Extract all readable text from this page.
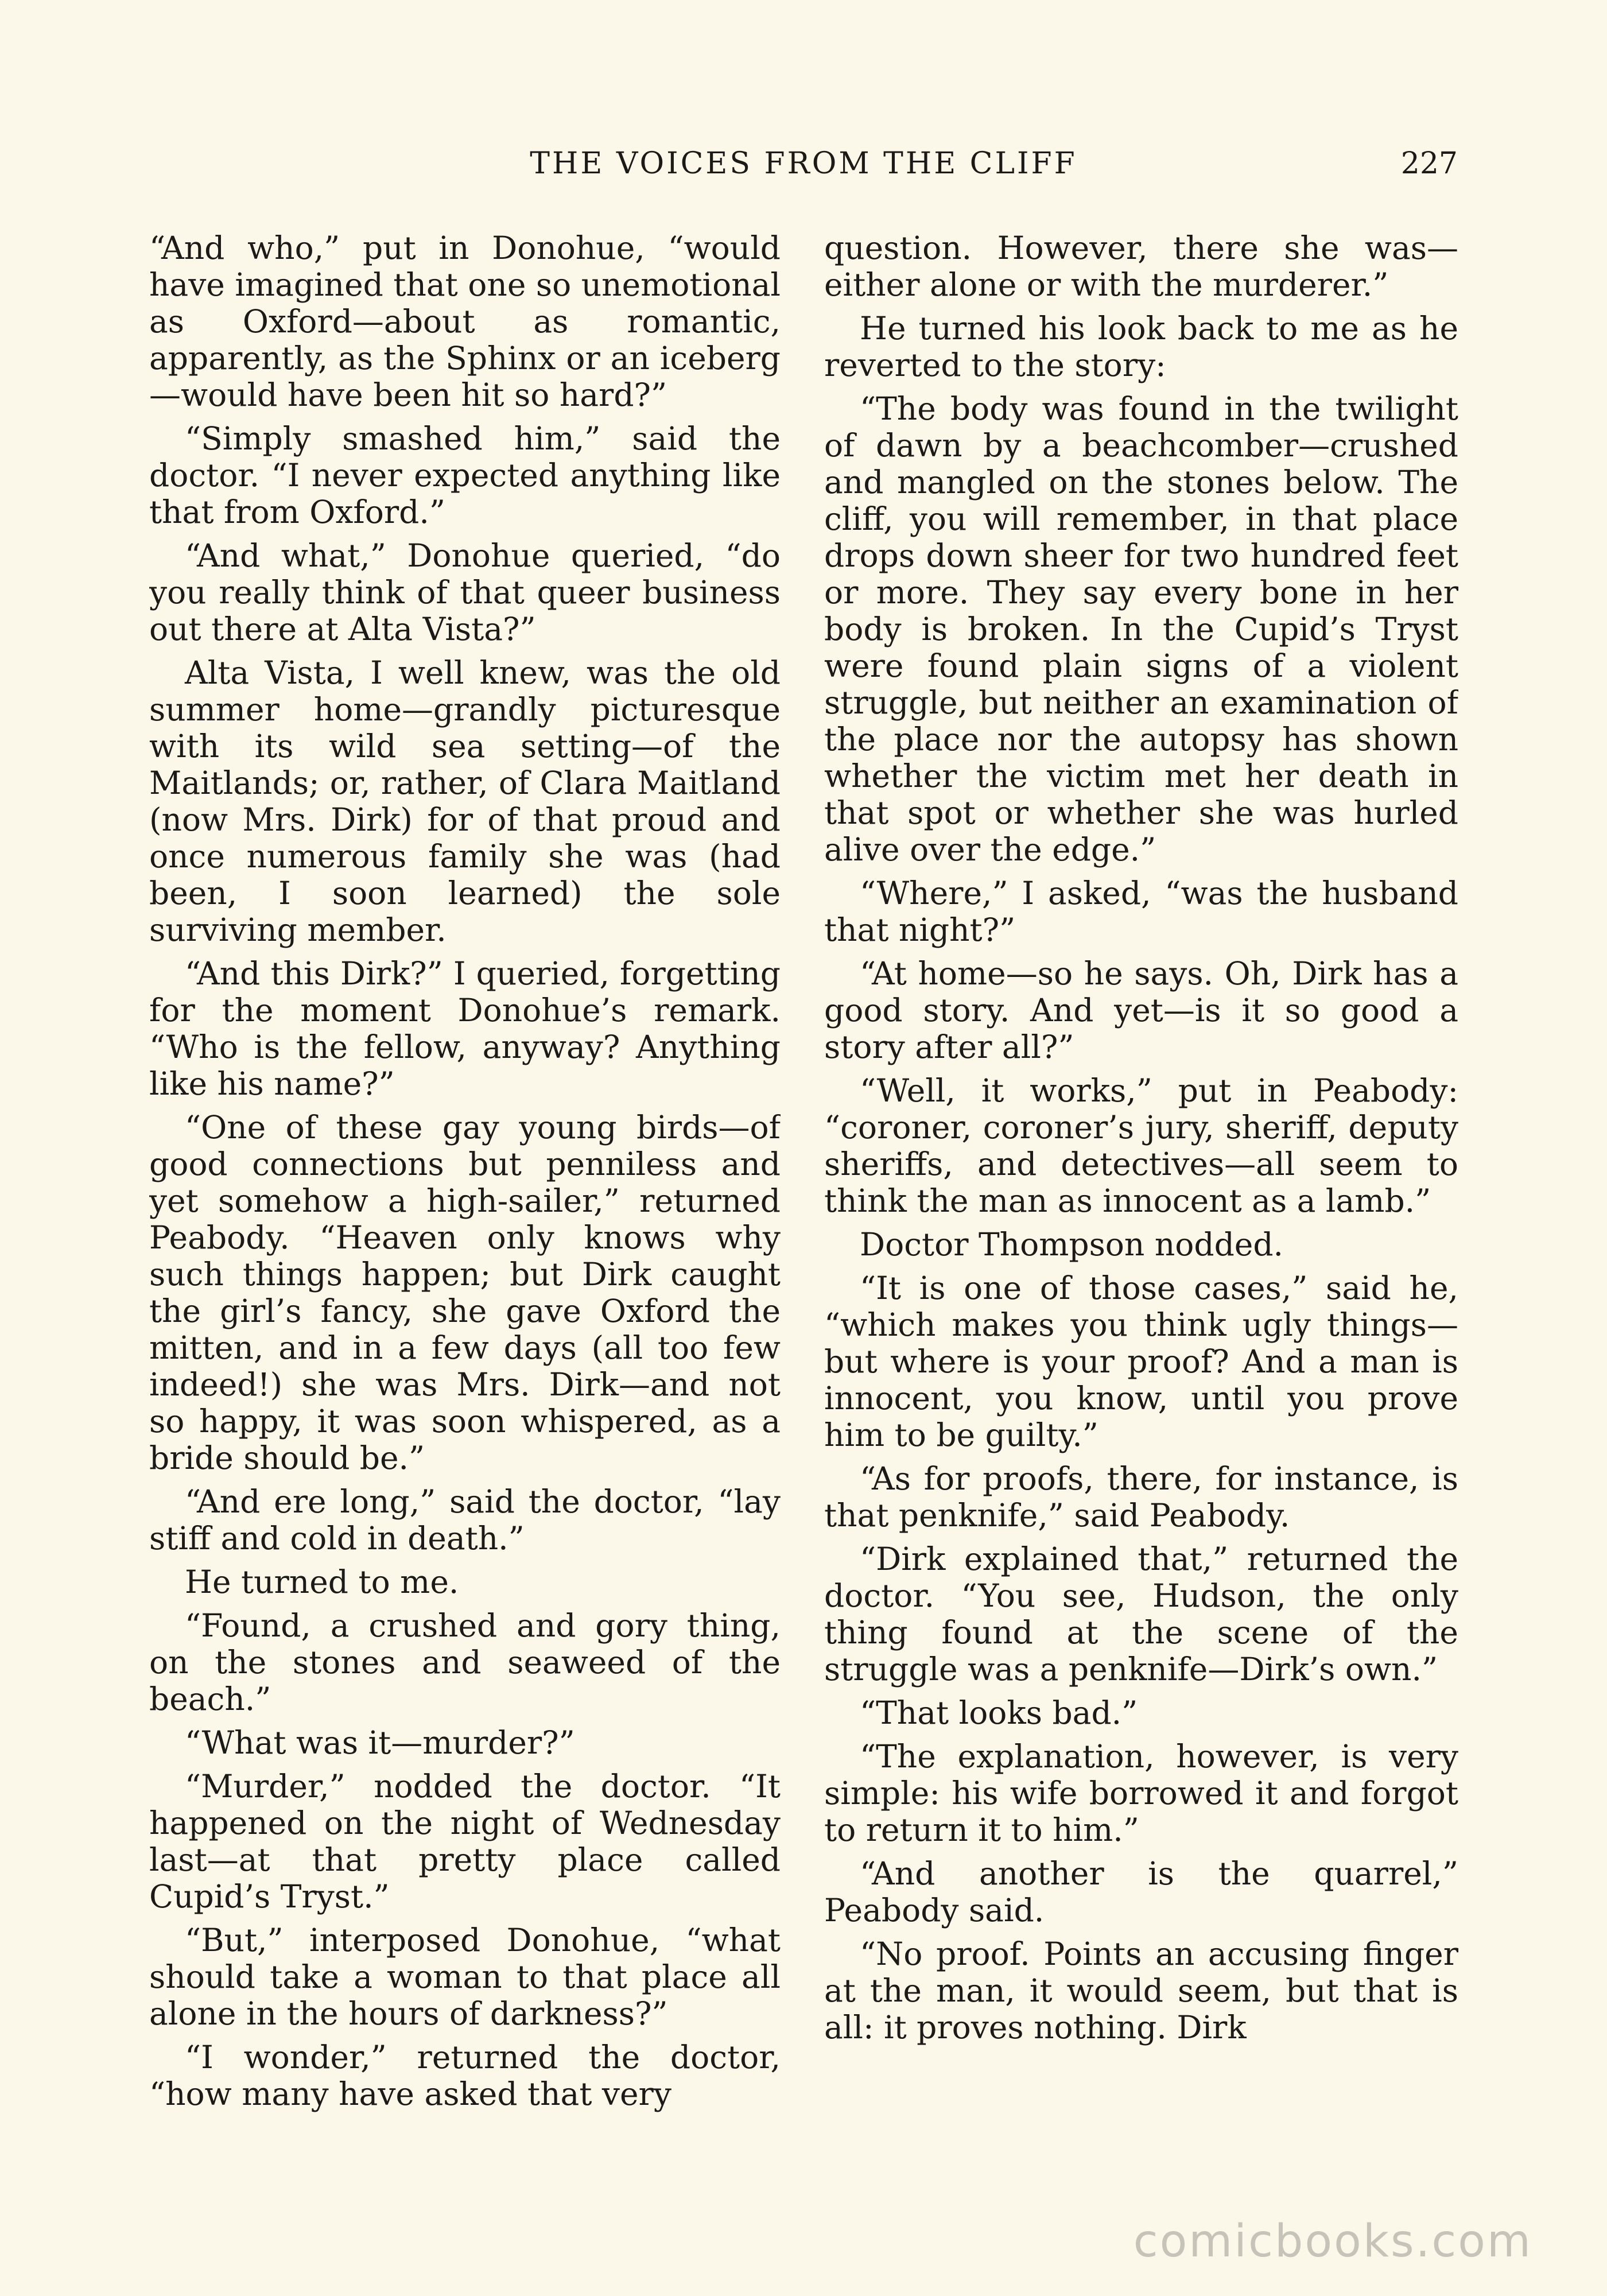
THE VOICES FROM THE CLIFF	227

“And who,” put in Donohue, “would have imagined that one so unemotional as Oxford—about as romantic, apparently, as the Sphinx or an iceberg—would have been hit so hard?”

“Simply smashed him,” said the doctor. “I never expected anything like that from Oxford.”

“And what,” Donohue queried, “do you really think of that queer business out there at Alta Vista?”

Alta Vista, I well knew, was the old summer home—grandly picturesque with its wild sea setting—of the Maitlands; or, rather, of Clara Maitland (now Mrs. Dirk) for of that proud and once numerous family she was (had been, I soon learned) the sole surviving member.

“And this Dirk?” I queried, forgetting for the moment Donohue’s remark. “Who is the fellow, anyway? Anything like his name?”

“One of these gay young birds—of good connections but penniless and yet somehow a high-sailer,” returned Peabody. “Heaven only knows why such things happen; but Dirk caught the girl’s fancy, she gave Oxford the mitten, and in a few days (all too few indeed!) she was Mrs. Dirk—and not so happy, it was soon whispered, as a bride should be.”

“And ere long,” said the doctor, “lay stiff and cold in death.”

He turned to me.

“Found, a crushed and gory thing, on the stones and seaweed of the beach.”

“What was it—murder?”

“Murder,” nodded the doctor. “It happened on the night of Wednesday last—at that pretty place called Cupid’s Tryst.”

“But,” interposed Donohue, “what should take a woman to that place all alone in the hours of darkness?”

“I wonder,” returned the doctor, “how many have asked that very

question. However, there she was—either alone or with the murderer.”

He turned his look back to me as he reverted to the story:

“The body was found in the twilight of dawn by a beachcomber—crushed and mangled on the stones below. The cliff, you will remember, in that place drops down sheer for two hundred feet or more. They say every bone in her body is broken. In the Cupid’s Tryst were found plain signs of a violent struggle, but neither an examination of the place nor the autopsy has shown whether the victim met her death in that spot or whether she was hurled alive over the edge.”

“Where,” I asked, “was the husband that night?”

“At home—so he says. Oh, Dirk has a good story. And yet—is it so good a story after all?”

“Well, it works,” put in Peabody: “coroner, coroner’s jury, sheriff, deputy sheriffs, and detectives—all seem to think the man as innocent as a lamb.”

Doctor Thompson nodded.

“It is one of those cases,” said he, “which makes you think ugly things—but where is your proof? And a man is innocent, you know, until you prove him to be guilty.”

“As for proofs, there, for instance, is that penknife,” said Peabody.

“Dirk explained that,” returned the doctor. “You see, Hudson, the only thing found at the scene of the struggle was a penknife—Dirk’s own.”

“That looks bad.”

“The explanation, however, is very simple: his wife borrowed it and forgot to return it to him.”

“And another is the quarrel,” Peabody said.

“No proof. Points an accusing finger at the man, it would seem, but that is all: it proves nothing. Dirk

comicbooks.com
